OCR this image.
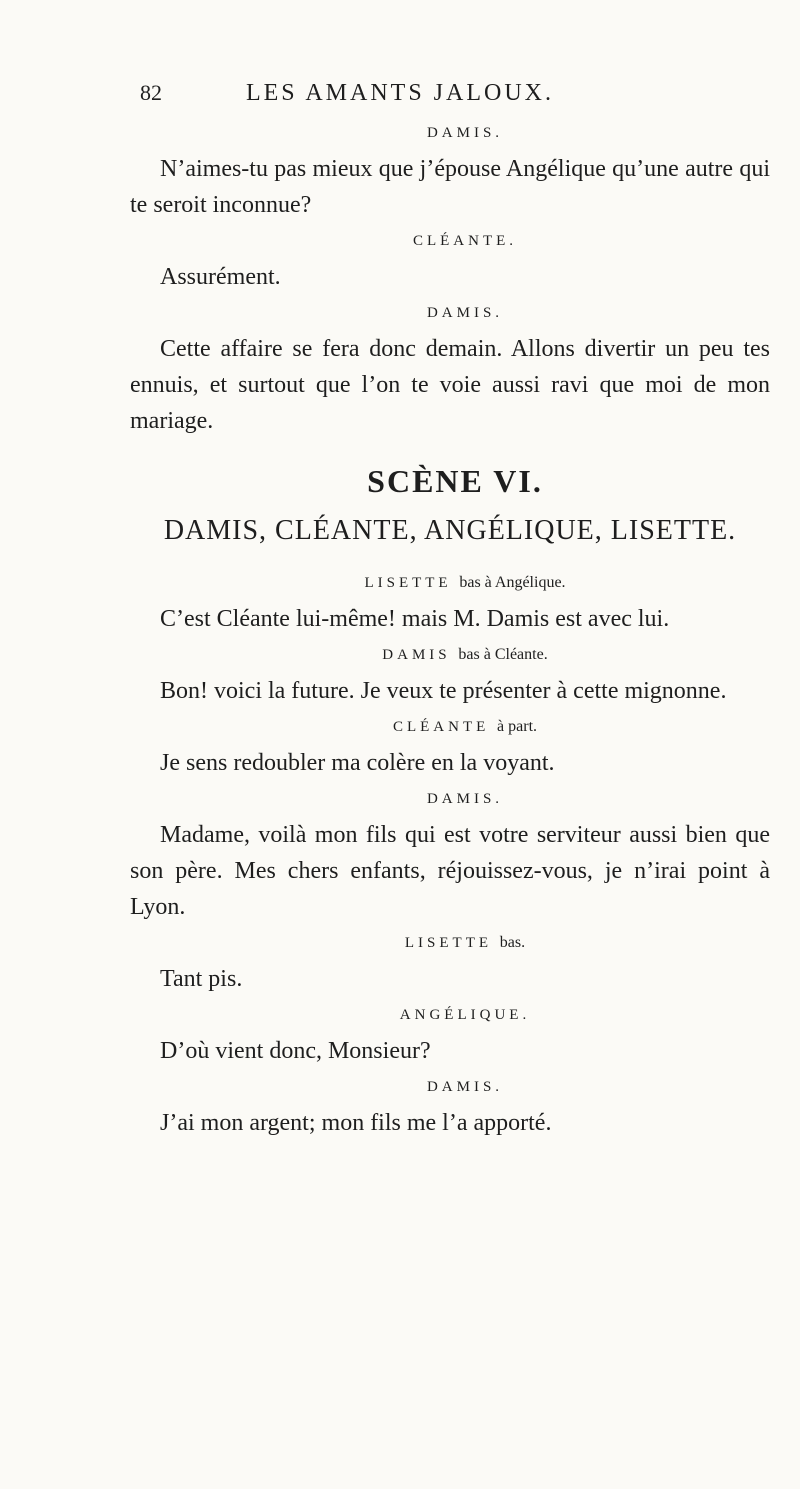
82	LES AMANTS JALOUX.

DAMIS.

N’aimes-tu pas mieux que j’épouse Angélique qu’une autre qui te seroit inconnue?

CLÉANTE.

Assurément.

DAMIS.

Cette affaire se fera donc demain. Allons divertir un peu tes ennuis, et surtout que l’on te voie aussi ravi que moi de mon mariage.

SCÈNE VI.

DAMIS, CLÉANTE, ANGÉLIQUE, LISETTE.

LISETTE bas à Angélique.

C’est Cléante lui-même! mais M. Damis est avec lui.

DAMIS bas à Cléante.

Bon! voici la future. Je veux te présenter à cette mignonne.

CLÉANTE à part.

Je sens redoubler ma colère en la voyant.

DAMIS.

Madame, voilà mon fils qui est votre serviteur aussi bien que son père. Mes chers enfants, réjouissez-vous, je n’irai point à Lyon.

LISETTE bas.

Tant pis.

ANGÉLIQUE.

D’où vient donc, Monsieur?

DAMIS.

J’ai mon argent; mon fils me l’a apporté.
